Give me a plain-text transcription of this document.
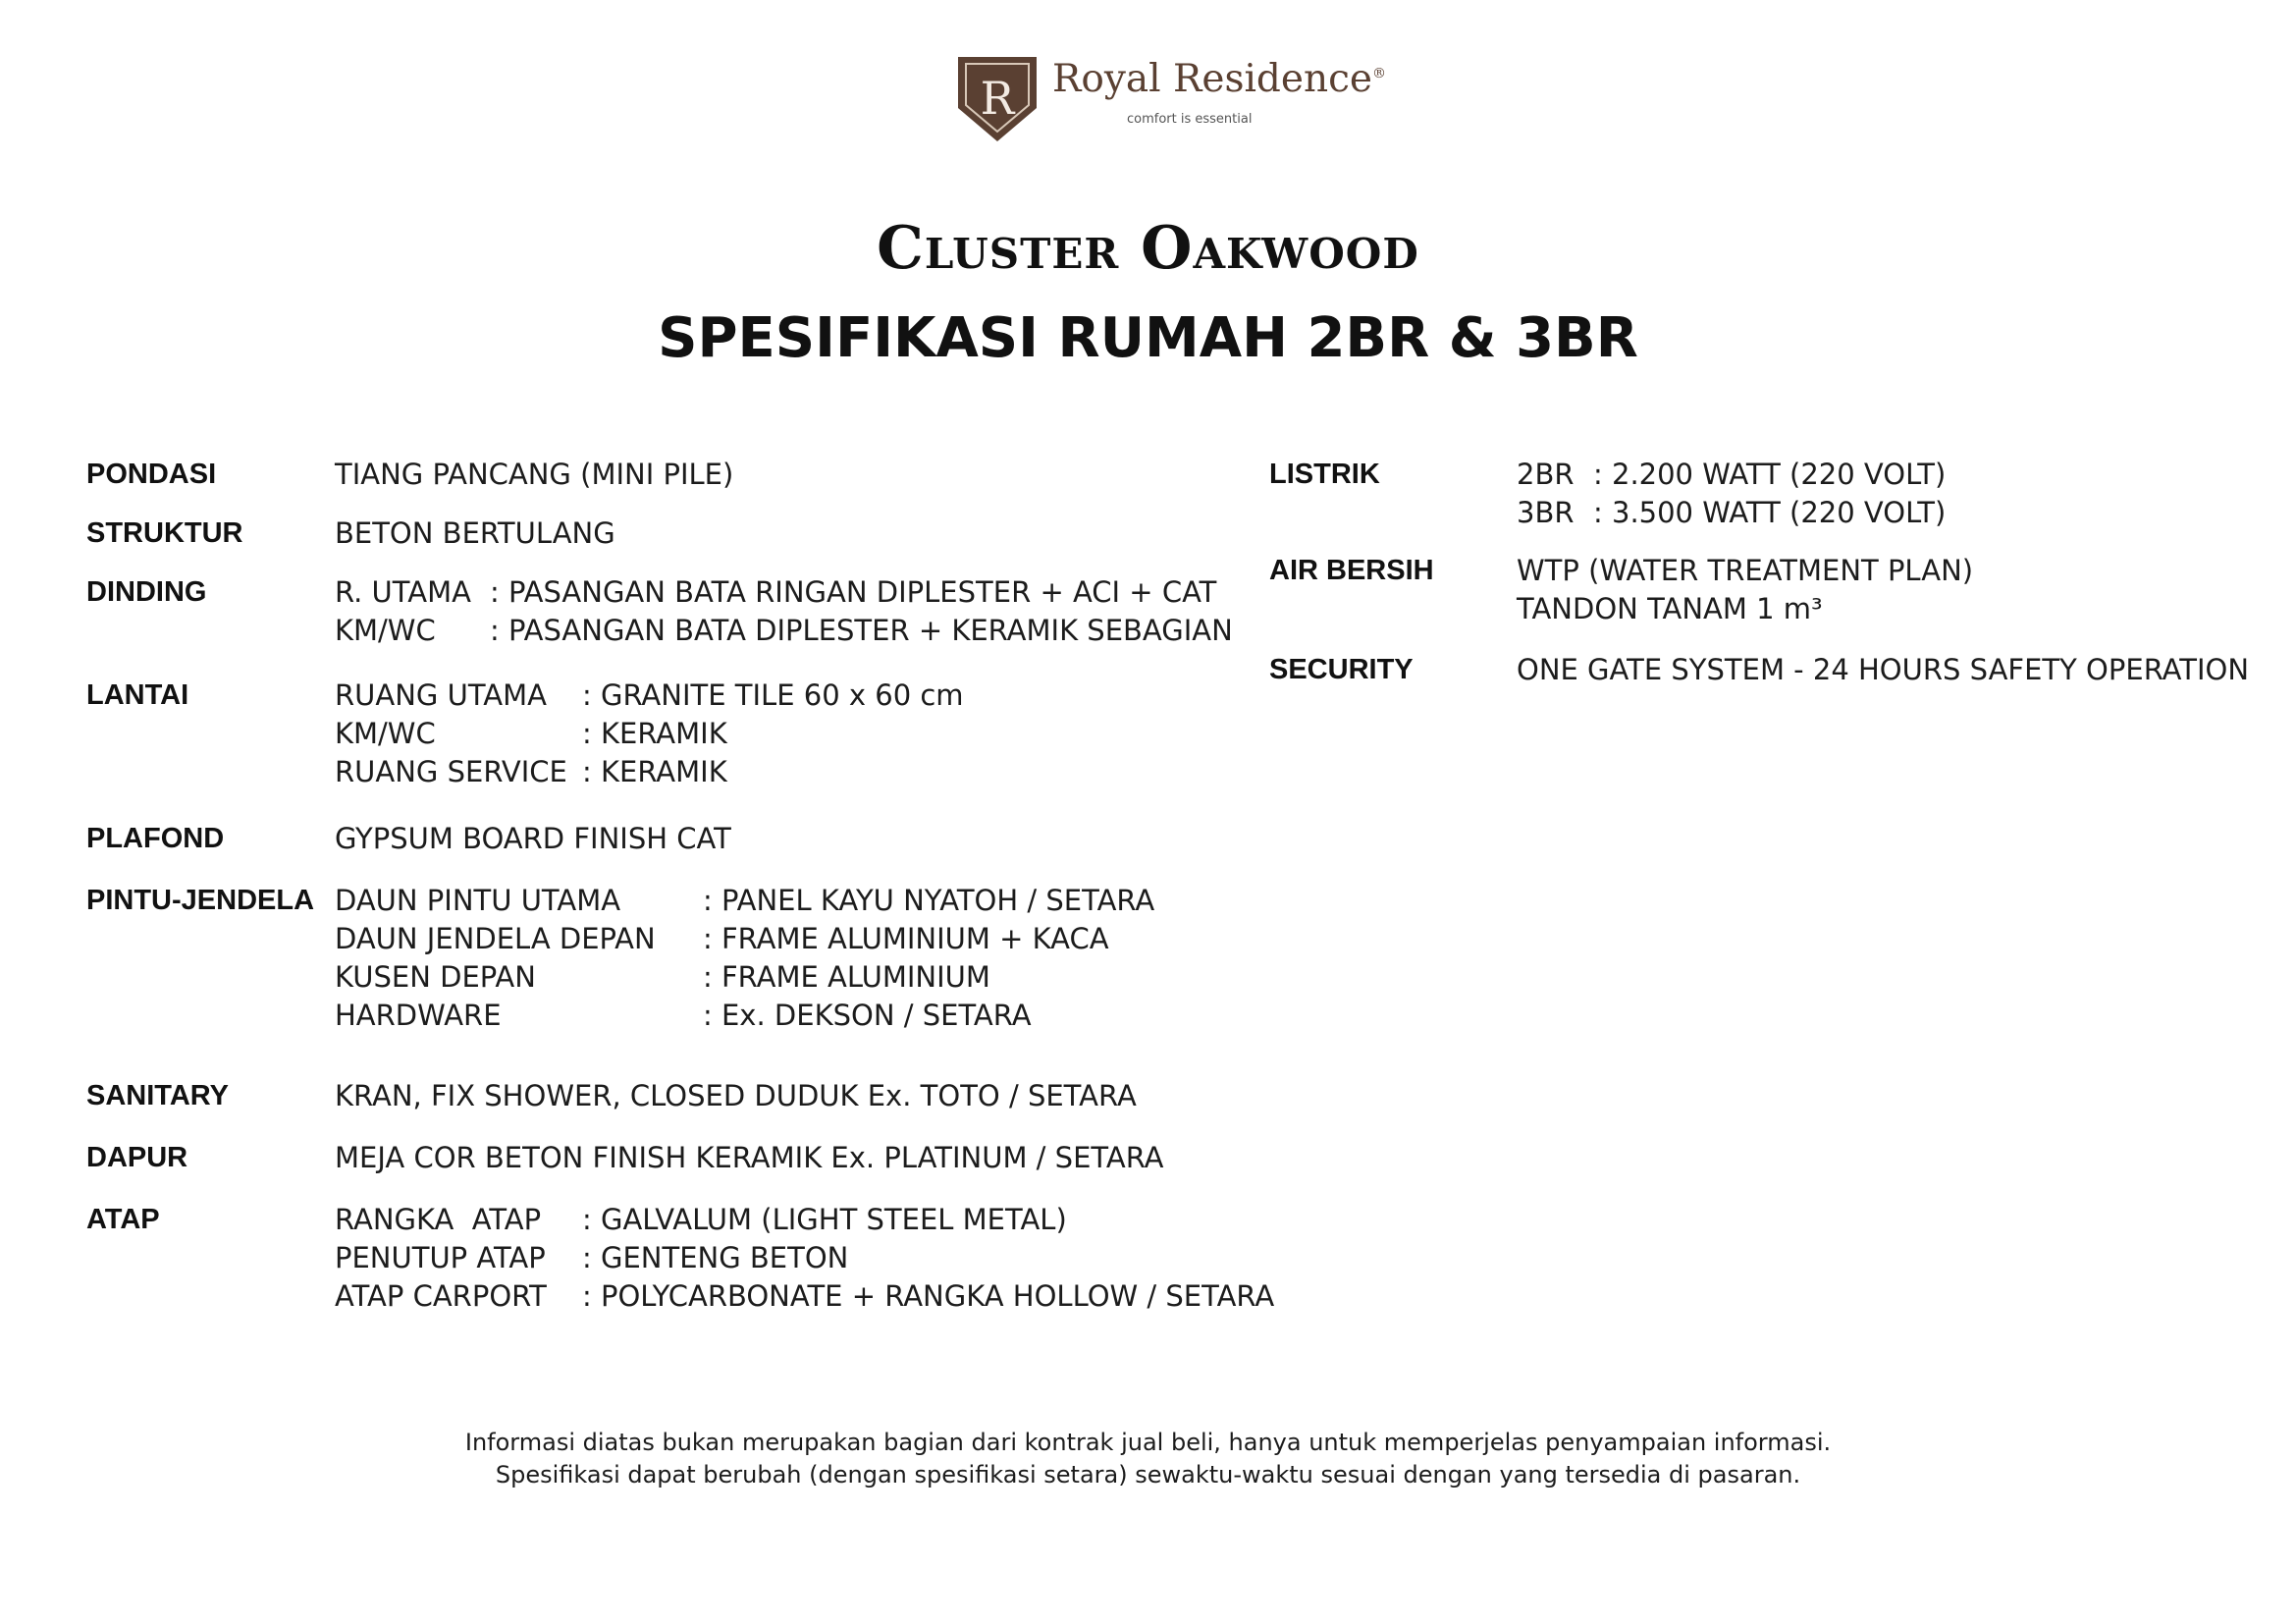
R Royal Residence®
comfort is essential
Cluster Oakwood
SPESIFIKASI RUMAH 2BR & 3BR
PONDASI	TIANG PANCANG (MINI PILE)
STRUKTUR	BETON BERTULANG
DINDING	R. UTAMA : PASANGAN BATA RINGAN DIPLESTER + ACI + CAT
KM/WC	: PASANGAN BATA DIPLESTER + KERAMIK SEBAGIAN
LANTAI	RUANG UTAMA	: GRANITE TILE 60 x 60 cm
KM/WC	: KERAMIK
RUANG SERVICE : KERAMIK
PLAFOND	GYPSUM BOARD FINISH CAT
PINTU-JENDELA DAUN PINTU UTAMA	: PANEL KAYU NYATOH / SETARA
DAUN JENDELA DEPAN	: FRAME ALUMINIUM + KACA
KUSEN DEPAN	: FRAME ALUMINIUM
HARDWARE	: Ex. DEKSON / SETARA
SANITARY	KRAN, FIX SHOWER, CLOSED DUDUK Ex. TOTO / SETARA
DAPUR	MEJA COR BETON FINISH KERAMIK Ex. PLATINUM / SETARA
ATAP	RANGKA  ATAP	: GALVALUM (LIGHT STEEL METAL)
PENUTUP ATAP	: GENTENG BETON
ATAP CARPORT	: POLYCARBONATE + RANGKA HOLLOW / SETARA
LISTRIK	2BR : 2.200 WATT (220 VOLT)
3BR : 3.500 WATT (220 VOLT)
AIR BERSIH	WTP (WATER TREATMENT PLAN)
TANDON TANAM 1 m³
SECURITY	ONE GATE SYSTEM - 24 HOURS SAFETY OPERATION
Informasi diatas bukan merupakan bagian dari kontrak jual beli, hanya untuk memperjelas penyampaian informasi.
Spesifikasi dapat berubah (dengan spesifikasi setara) sewaktu-waktu sesuai dengan yang tersedia di pasaran.
